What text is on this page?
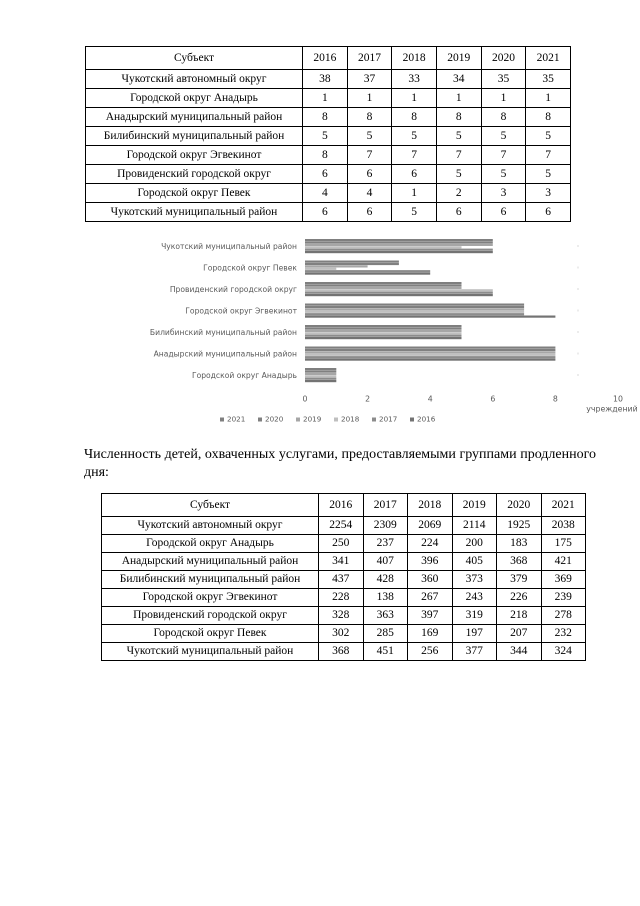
Субъект	2016	2017	2018	2019	2020	2021
Чукотский автономный округ	38	37	33	34	35	35
Городской округ Анадырь	1	1	1	1	1	1
Анадырский муниципальный район	8	8	8	8	8	8
Билибинский муниципальный район	5	5	5	5	5	5
Городской округ Эгвекинот	8	7	7	7	7	7
Провиденский городской округ	6	6	6	5	5	5
Городской округ Певек	4	4	1	2	3	3
Чукотский муниципальный район	6	6	5	6	6	6
Чукотский муниципальный район
Городской округ Певек
Провиденский городской округ
Городской округ Эгвекинот
Билибинский муниципальный район
Анадырский муниципальный район
Городской округ Анадырь
0	2	4	6	8	10
учреждений
2021	2020	2019	2018	2017	2016
Численность детей, охваченных услугами, предоставляемыми группами продленного дня:
Субъект	2016	2017	2018	2019	2020	2021
Чукотский автономный округ	2254	2309	2069	2114	1925	2038
Городской округ Анадырь	250	237	224	200	183	175
Анадырский муниципальный район	341	407	396	405	368	421
Билибинский муниципальный район	437	428	360	373	379	369
Городской округ Эгвекинот	228	138	267	243	226	239
Провиденский городской округ	328	363	397	319	218	278
Городской округ Певек	302	285	169	197	207	232
Чукотский муниципальный район	368	451	256	377	344	324
